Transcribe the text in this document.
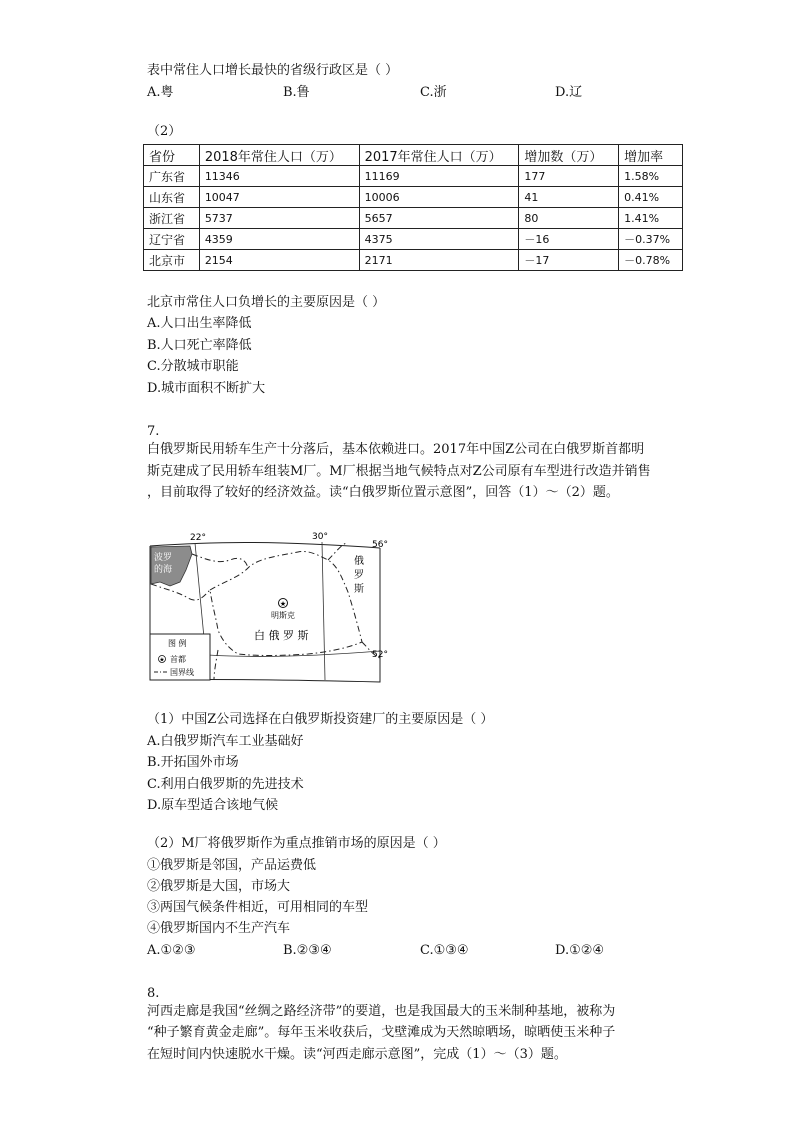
表中常住人口增长最快的省级行政区是（ ）
A.粤	B.鲁	C.浙	D.辽
（2）
省份	2018年常住人口（万）	2017年常住人口（万）	增加数（万）	增加率
广东省	11346	11169	177	1.58%
山东省	10047	10006	41	0.41%
浙江省	5737	5657	80	1.41%
辽宁省	4359	4375	－16	－0.37%
北京市	2154	2171	－17	－0.78%
北京市常住人口负增长的主要原因是（ ）
A.人口出生率降低
B.人口死亡率降低
C.分散城市职能
D.城市面积不断扩大
7.
白俄罗斯民用轿车生产十分落后，基本依赖进口。2017年中国Z公司在白俄罗斯首都明
斯克建成了民用轿车组装M厂。M厂根据当地气候特点对Z公司原有车型进行改造并销售
，目前取得了较好的经济效益。读“白俄罗斯位置示意图”，回答（1）～（2）题。
22°	30°
56°
52°
波罗
的海
俄
罗
斯
★
明斯克
白 俄 罗 斯
图 例
★ 首都
国界线
（1）中国Z公司选择在白俄罗斯投资建厂的主要原因是（ ）
A.白俄罗斯汽车工业基础好
B.开拓国外市场
C.利用白俄罗斯的先进技术
D.原车型适合该地气候
（2）M厂将俄罗斯作为重点推销市场的原因是（ ）
①俄罗斯是邻国，产品运费低
②俄罗斯是大国，市场大
③两国气候条件相近，可用相同的车型
④俄罗斯国内不生产汽车
A.①②③	B.②③④	C.①③④	D.①②④
8.
河西走廊是我国“丝绸之路经济带”的要道，也是我国最大的玉米制种基地，被称为
“种子繁育黄金走廊”。每年玉米收获后，戈壁滩成为天然晾晒场，晾晒使玉米种子
在短时间内快速脱水干燥。读“河西走廊示意图”，完成（1）～（3）题。
